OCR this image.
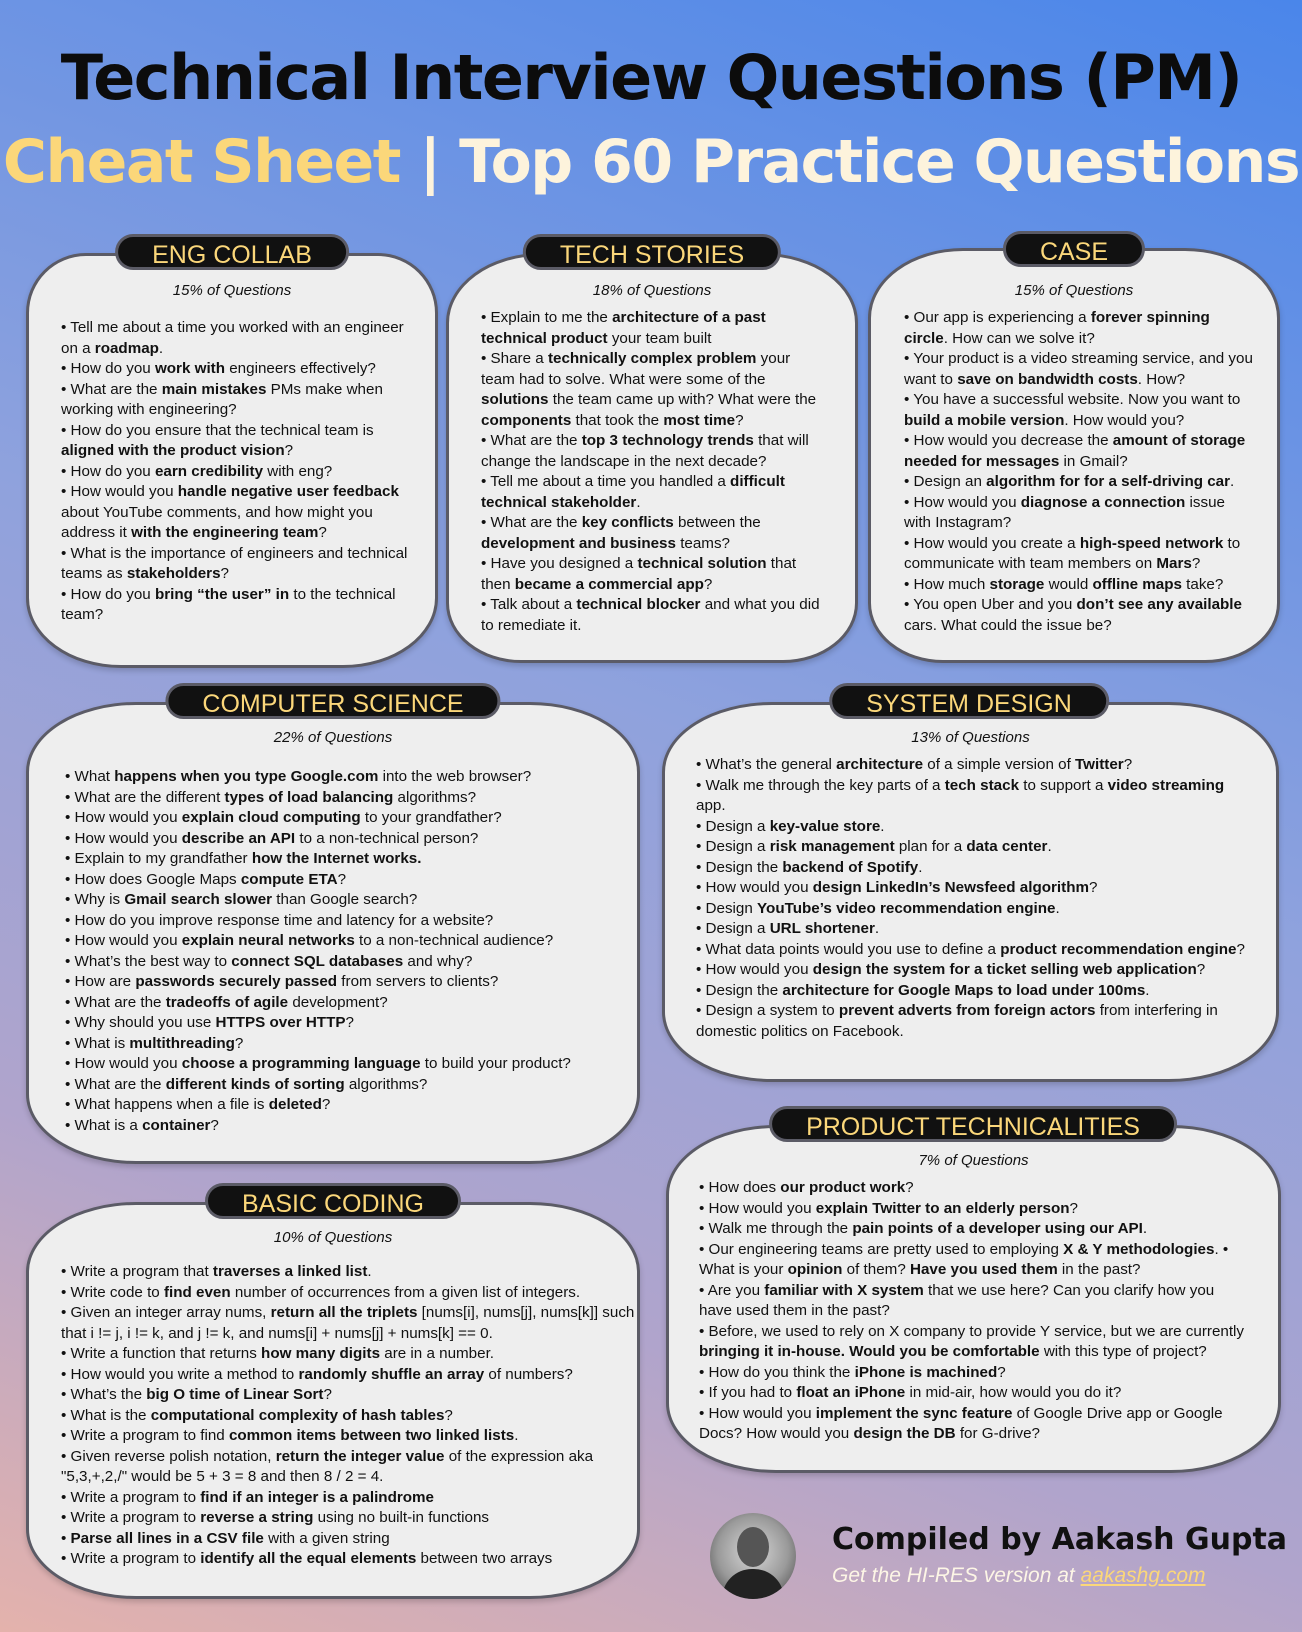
Technical Interview Questions (PM)
Cheat Sheet | Top 60 Practice Questions
15% of Questions
• Tell me about a time you worked with an engineer on a roadmap.
• How do you work with engineers effectively?
• What are the main mistakes PMs make when working with engineering?
• How do you ensure that the technical team is aligned with the product vision?
• How do you earn credibility with eng?
• How would you handle negative user feedback about YouTube comments, and how might you address it with the engineering team?
• What is the importance of engineers and technical teams as stakeholders?
• How do you bring “the user” in to the technical team?
ENG COLLAB
18% of Questions
• Explain to me the architecture of a past technical product your team built
• Share a technically complex problem your team had to solve. What were some of the solutions the team came up with? What were the components that took the most time?
• What are the top 3 technology trends that will change the landscape in the next decade?
• Tell me about a time you handled a difficult technical stakeholder.
• What are the key conflicts between the development and business teams?
• Have you designed a technical solution that then became a commercial app?
• Talk about a technical blocker and what you did to remediate it.
TECH STORIES
15% of Questions
• Our app is experiencing a forever spinning circle. How can we solve it?
• Your product is a video streaming service, and you want to save on bandwidth costs. How?
• You have a successful website. Now you want to build a mobile version. How would you?
• How would you decrease the amount of storage needed for messages in Gmail?
• Design an algorithm for for a self-driving car.
• How would you diagnose a connection issue with Instagram?
• How would you create a high-speed network to communicate with team members on Mars?
• How much storage would offline maps take?
• You open Uber and you don’t see any available cars. What could the issue be?
CASE
22% of Questions
• What happens when you type Google.com into the web browser?
• What are the different types of load balancing algorithms?
• How would you explain cloud computing to your grandfather?
• How would you describe an API to a non-technical person?
• Explain to my grandfather how the Internet works.
• How does Google Maps compute ETA?
• Why is Gmail search slower than Google search?
• How do you improve response time and latency for a website?
• How would you explain neural networks to a non-technical audience?
• What’s the best way to connect SQL databases and why?
• How are passwords securely passed from servers to clients?
• What are the tradeoffs of agile development?
• Why should you use HTTPS over HTTP?
• What is multithreading?
• How would you choose a programming language to build your product?
• What are the different kinds of sorting algorithms?
• What happens when a file is deleted?
• What is a container?
COMPUTER SCIENCE
13% of Questions
• What’s the general architecture of a simple version of Twitter?
• Walk me through the key parts of a tech stack to support a video streaming app.
• Design a key-value store.
• Design a risk management plan for a data center.
• Design the backend of Spotify.
• How would you design LinkedIn’s Newsfeed algorithm?
• Design YouTube’s video recommendation engine.
• Design a URL shortener.
• What data points would you use to define a product recommendation engine?
• How would you design the system for a ticket selling web application?
• Design the architecture for Google Maps to load under 100ms.
• Design a system to prevent adverts from foreign actors from interfering in domestic politics on Facebook.
SYSTEM DESIGN
10% of Questions
• Write a program that traverses a linked list.
• Write code to find even number of occurrences from a given list of integers.
• Given an integer array nums, return all the triplets [nums[i], nums[j], nums[k]] such that i != j, i != k, and j != k, and nums[i] + nums[j] + nums[k] == 0.
• Write a function that returns how many digits are in a number.
• How would you write a method to randomly shuffle an array of numbers?
• What’s the big O time of Linear Sort?
• What is the computational complexity of hash tables?
• Write a program to find common items between two linked lists.
• Given reverse polish notation, return the integer value of the expression aka "5,3,+,2,/" would be 5 + 3 = 8 and then 8 / 2 = 4.
• Write a program to find if an integer is a palindrome
• Write a program to reverse a string using no built-in functions
• Parse all lines in a CSV file with a given string
• Write a program to identify all the equal elements between two arrays
BASIC CODING
7% of Questions
• How does our product work?
• How would you explain Twitter to an elderly person?
• Walk me through the pain points of a developer using our API.
• Our engineering teams are pretty used to employing X & Y methodologies. • What is your opinion of them? Have you used them in the past?
• Are you familiar with X system that we use here? Can you clarify how you have used them in the past?
• Before, we used to rely on X company to provide Y service, but we are currently bringing it in-house. Would you be comfortable with this type of project?
• How do you think the iPhone is machined?
• If you had to float an iPhone in mid-air, how would you do it?
• How would you implement the sync feature of Google Drive app or Google Docs? How would you design the DB for G-drive?
PRODUCT TECHNICALITIES
Compiled by Aakash Gupta
Get the HI-RES version at aakashg.com
